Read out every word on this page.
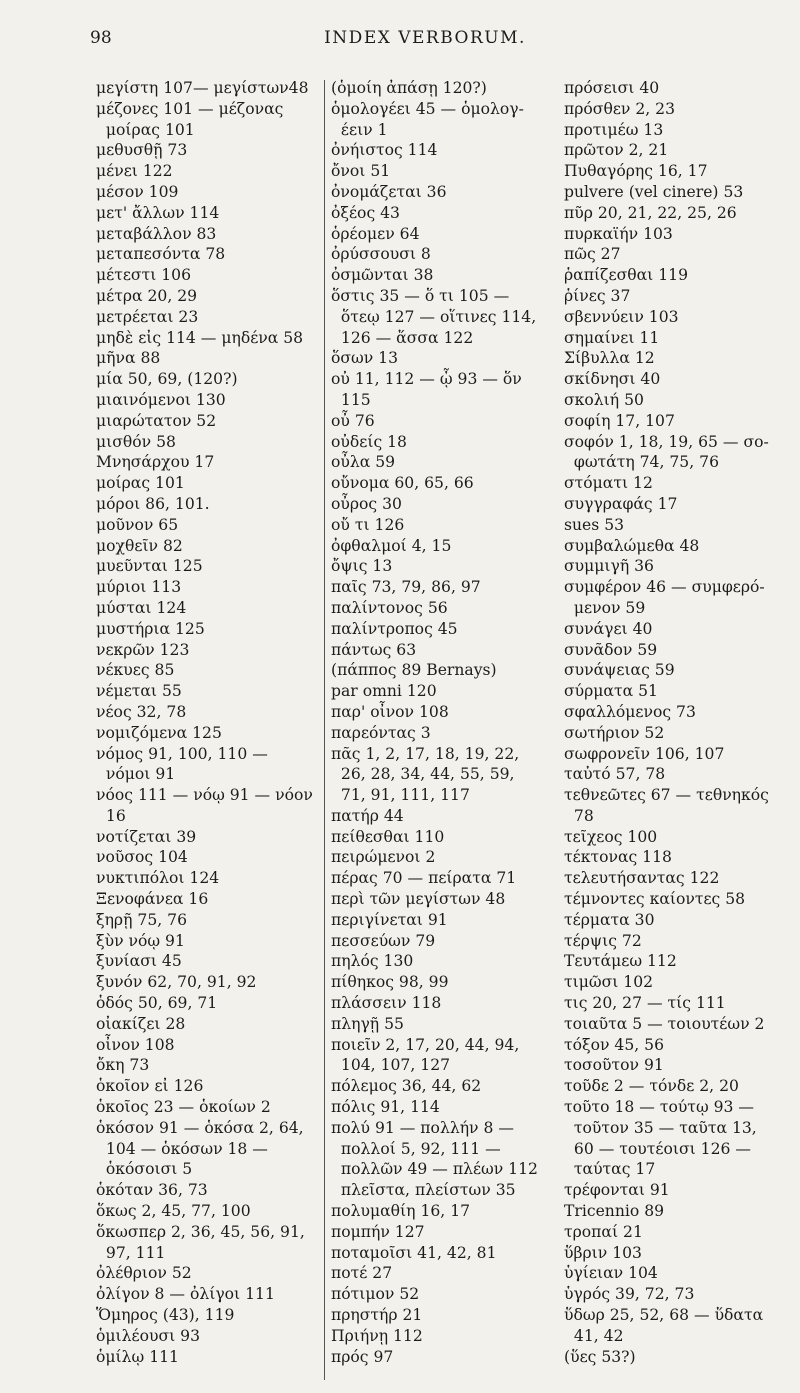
98	INDEX VERBORUM.
μεγίστη 107— μεγίστων48
μέζονες 101 — μέζονας
μοίρας 101
μεθυσθῇ 73
μένει 122
μέσον 109
μετ' ἄλλων 114
μεταβάλλον 83
μεταπεσόντα 78
μέτεστι 106
μέτρα 20, 29
μετρέεται 23
μηδὲ εἰς 114 — μηδένα 58
μῆνα 88
μία 50, 69, (120?)
μιαινόμενοι 130
μιαρώτατον 52
μισθόν 58
Μνησάρχου 17
μοίρας 101
μόροι 86, 101.
μοῦνον 65
μοχθεῖν 82
μυεῦνται 125
μύριοι 113
μύσται 124
μυστήρια 125
νεκρῶν 123
νέκυες 85
νέμεται 55
νέος 32, 78
νομιζόμενα 125
νόμος 91, 100, 110 —
νόμοι 91
νόος 111 — νόῳ 91 — νόον
16
νοτίζεται 39
νοῦσος 104
νυκτιπόλοι 124
Ξενοφάνεα 16
ξηρῇ 75, 76
ξὺν νόῳ 91
ξυνίασι 45
ξυνόν 62, 70, 91, 92
ὁδός 50, 69, 71
οἰακίζει 28
οἶνον 108
ὄκη 73
ὁκοῖον εἰ 126
ὁκοῖος 23 — ὁκοίων 2
ὁκόσον 91 — ὁκόσα 2, 64,
104 — ὁκόσων 18 —
ὁκόσοισι 5
ὁκόταν 36, 73
ὅκως 2, 45, 77, 100
ὅκωσπερ 2, 36, 45, 56, 91,
97, 111
ὀλέθριον 52
ὀλίγον 8 — ὀλίγοι 111
Ὅμηρος (43), 119
ὁμιλέουσι 93
ὁμίλῳ 111
(ὁμοίη ἀπάσῃ 120?)
ὁμολογέει 45 — ὁμολογ-
έειν 1
ὀνήιστος 114
ὄνοι 51
ὀνομάζεται 36
ὀξέος 43
ὁρέομεν 64
ὀρύσσουσι 8
ὀσμῶνται 38
ὅστις 35 — ὅ τι 105 —
ὅτεῳ 127 — οἵτινες 114,
126 — ἅσσα 122
ὅσων 13
οὐ 11, 112 — ᾧ 93 — ὅν
115
οὖ 76
οὐδείς 18
οὖλα 59
οὔνομα 60, 65, 66
οὖρος 30
οὔ τι 126
ὀφθαλμοί 4, 15
ὄψις 13
παῖς 73, 79, 86, 97
παλίντονος 56
παλίντροπος 45
πάντως 63
(πάππος 89 Bernays)
par omni 120
παρ' οἶνον 108
παρεόντας 3
πᾶς 1, 2, 17, 18, 19, 22,
26, 28, 34, 44, 55, 59,
71, 91, 111, 117
πατήρ 44
πείθεσθαι 110
πειρώμενοι 2
πέρας 70 — πείρατα 71
περὶ τῶν μεγίστων 48
περιγίνεται 91
πεσσεύων 79
πηλός 130
πίθηκος 98, 99
πλάσσειν 118
πληγῇ 55
ποιεῖν 2, 17, 20, 44, 94,
104, 107, 127
πόλεμος 36, 44, 62
πόλις 91, 114
πολύ 91 — πολλήν 8 —
πολλοί 5, 92, 111 —
πολλῶν 49 — πλέων 112
πλεῖστα, πλείστων 35
πολυμαθίη 16, 17
πομπήν 127
ποταμοῖσι 41, 42, 81
ποτέ 27
πότιμον 52
πρηστήρ 21
Πριήνῃ 112
πρός 97
πρόσεισι 40
πρόσθεν 2, 23
προτιμέω 13
πρῶτον 2, 21
Πυθαγόρης 16, 17
pulvere (vel cinere) 53
πῦρ 20, 21, 22, 25, 26
πυρκαϊήν 103
πῶς 27
ῥαπίζεσθαι 119
ῥίνες 37
σβεννύειν 103
σημαίνει 11
Σίβυλλα 12
σκίδνησι 40
σκολιή 50
σοφίη 17, 107
σοφόν 1, 18, 19, 65 — σο-
φωτάτη 74, 75, 76
στόματι 12
συγγραφάς 17
sues 53
συμβαλώμεθα 48
συμμιγῆ 36
συμφέρον 46 — συμφερό-
μενον 59
συνάγει 40
συνᾶδον 59
συνάψειας 59
σύρματα 51
σφαλλόμενος 73
σωτήριον 52
σωφρονεῖν 106, 107
ταὐτό 57, 78
τεθνεῶτες 67 — τεθνηκός
78
τεῖχεος 100
τέκτονας 118
τελευτήσαντας 122
τέμνοντες καίοντες 58
τέρματα 30
τέρψις 72
Τευτάμεω 112
τιμῶσι 102
τις 20, 27 — τίς 111
τοιαῦτα 5 — τοιουτέων 2
τόξον 45, 56
τοσοῦτον 91
τοῦδε 2 — τόνδε 2, 20
τοῦτο 18 — τούτῳ 93 —
τοῦτον 35 — ταῦτα 13,
60 — τουτέοισι 126 —
ταύτας 17
τρέφονται 91
Tricennio 89
τροπαί 21
ὕβριν 103
ὑγίειαν 104
ὑγρός 39, 72, 73
ὕδωρ 25, 52, 68 — ὕδατα
41, 42
(ὕες 53?)
